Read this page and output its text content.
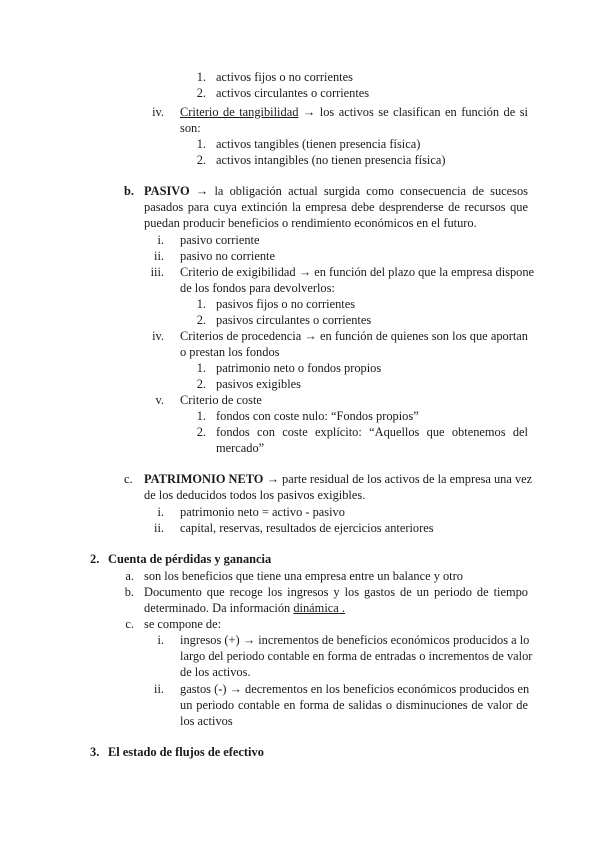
1. activos fijos o no corrientes
2. activos circulantes o corrientes
iv. Criterio de tangibilidad → los activos se clasifican en función de si
son:
1. activos tangibles (tienen presencia física)
2. activos intangibles (no tienen presencia física)
b. PASIVO → la obligación actual surgida como consecuencia de sucesos
pasados para cuya extinción la empresa debe desprenderse de recursos que
puedan producir beneficios o rendimiento económicos en el futuro.
i. pasivo corriente
ii. pasivo no corriente
iii. Criterio de exigibilidad → en función del plazo que la empresa dispone
de los fondos para devolverlos:
1. pasivos fijos o no corrientes
2. pasivos circulantes o corrientes
iv. Criterios de procedencia → en función de quienes son los que aportan
o prestan los fondos
1. patrimonio neto o fondos propios
2. pasivos exigibles
v. Criterio de coste
1. fondos con coste nulo: “Fondos propios”
2. fondos con coste explícito: “Aquellos que obtenemos del
mercado”
c. PATRIMONIO NETO → parte residual de los activos de la empresa una vez
de los deducidos todos los pasivos exigibles.
i. patrimonio neto = activo - pasivo
ii. capital, reservas, resultados de ejercicios anteriores
2. Cuenta de pérdidas y ganancia
a. son los beneficios que tiene una empresa entre un balance y otro
b. Documento que recoge los ingresos y los gastos de un periodo de tiempo
determinado. Da información dinámica .
c. se compone de:
i. ingresos (+) → incrementos de beneficios económicos producidos a lo
largo del periodo contable en forma de entradas o incrementos de valor
de los activos.
ii. gastos (-) → decrementos en los beneficios económicos producidos en
un periodo contable en forma de salidas o disminuciones de valor de
los activos
3. El estado de flujos de efectivo
